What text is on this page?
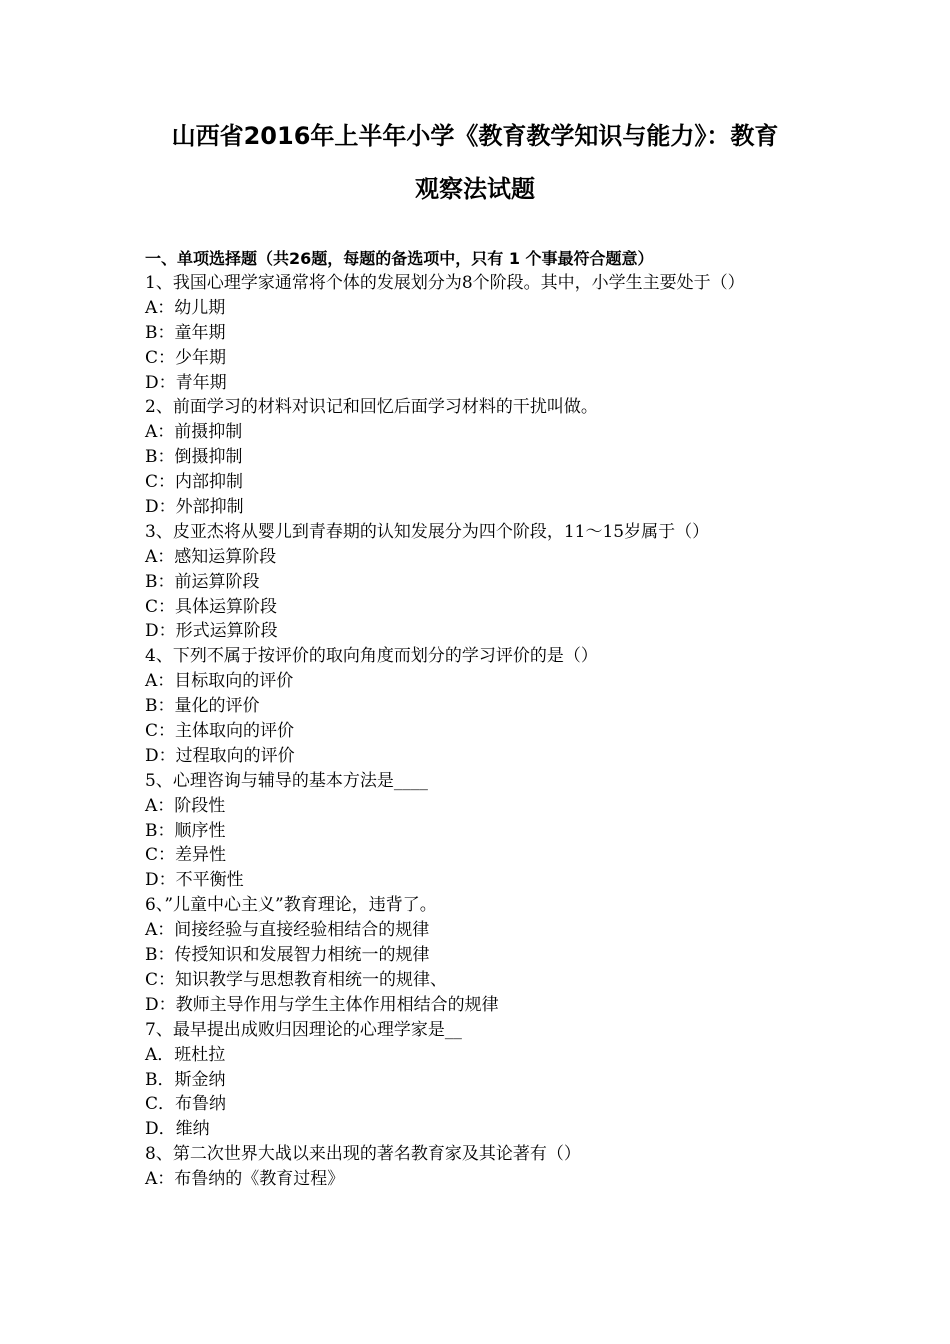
山西省2016年上半年小学《教育教学知识与能力》：教育
观察法试题
一、单项选择题（共26题，每题的备选项中，只有 1 个事最符合题意）
1、我国心理学家通常将个体的发展划分为8个阶段。其中，小学生主要处于（）
A：幼儿期
B：童年期
C：少年期
D：青年期
2、前面学习的材料对识记和回忆后面学习材料的干扰叫做。
A：前摄抑制
B：倒摄抑制
C：内部抑制
D：外部抑制
3、皮亚杰将从婴儿到青春期的认知发展分为四个阶段，11～15岁属于（）
A：感知运算阶段
B：前运算阶段
C：具体运算阶段
D：形式运算阶段
4、下列不属于按评价的取向角度而划分的学习评价的是（）
A：目标取向的评价
B：量化的评价
C：主体取向的评价
D：过程取向的评价
5、心理咨询与辅导的基本方法是____
A：阶段性
B：顺序性
C：差异性
D：不平衡性
6、”儿童中心主义”教育理论，违背了。
A：间接经验与直接经验相结合的规律
B：传授知识和发展智力相统一的规律
C：知识教学与思想教育相统一的规律、
D：教师主导作用与学生主体作用相结合的规律
7、最早提出成败归因理论的心理学家是__
A．班杜拉
B．斯金纳
C．布鲁纳
D．维纳
8、第二次世界大战以来出现的著名教育家及其论著有（）
A：布鲁纳的《教育过程》
